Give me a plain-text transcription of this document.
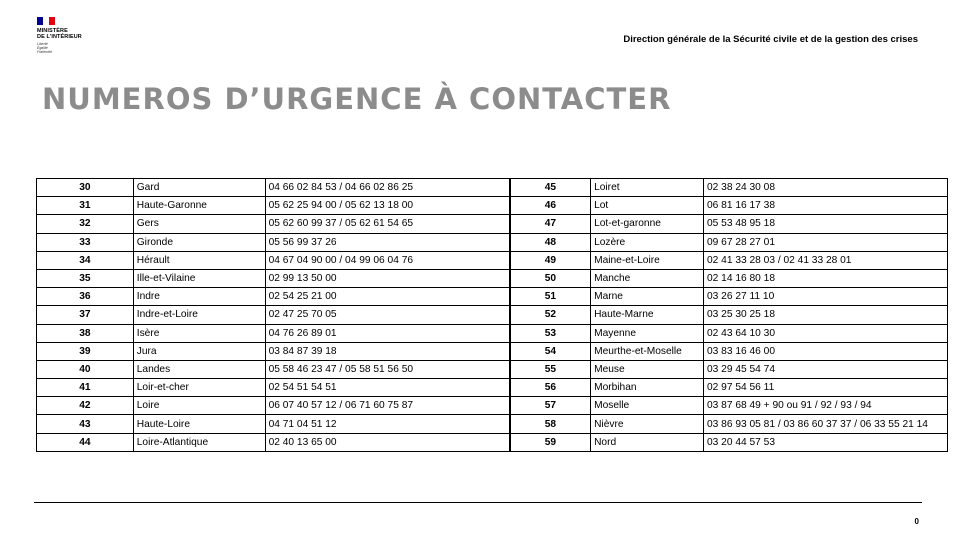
MINISTÈRE
DE L'INTÉRIEUR
Liberté
Égalité
Fraternité
Direction générale de la Sécurité civile et de la gestion des crises
NUMEROS D’URGENCE À CONTACTER
30	Gard	04 66 02 84 53 / 04 66 02 86 25	45	Loiret	02 38 24 30 08
31	Haute-Garonne	05 62 25 94 00 / 05 62 13 18 00	46	Lot	06 81 16 17 38
32	Gers	05 62 60 99 37 / 05 62 61 54 65	47	Lot-et-garonne	05 53 48 95 18
33	Gironde	05 56 99 37 26	48	Lozère	09 67 28 27 01
34	Hérault	04 67 04 90 00 / 04 99 06 04 76	49	Maine-et-Loire	02 41 33 28 03 / 02 41 33 28 01
35	Ille-et-Vilaine	02 99 13 50 00	50	Manche	02 14 16 80 18
36	Indre	02 54 25 21 00	51	Marne	03 26 27 11 10
37	Indre-et-Loire	02 47 25 70 05	52	Haute-Marne	03 25 30 25 18
38	Isère	04 76 26 89 01	53	Mayenne	02 43 64 10 30
39	Jura	03 84 87 39 18	54	Meurthe-et-Moselle	03 83 16 46 00
40	Landes	05 58 46 23 47 / 05 58 51 56 50	55	Meuse	03 29 45 54 74
41	Loir-et-cher	02 54 51 54 51	56	Morbihan	02 97 54 56 11
42	Loire	06 07 40 57 12 / 06 71 60 75 87	57	Moselle	03 87 68 49 + 90 ou 91 / 92 / 93 / 94
43	Haute-Loire	04 71 04 51 12	58	Nièvre	03 86 93 05 81 / 03 86 60 37 37 / 06 33 55 21 14
44	Loire-Atlantique	02 40 13 65 00	59	Nord	03 20 44 57 53
0
